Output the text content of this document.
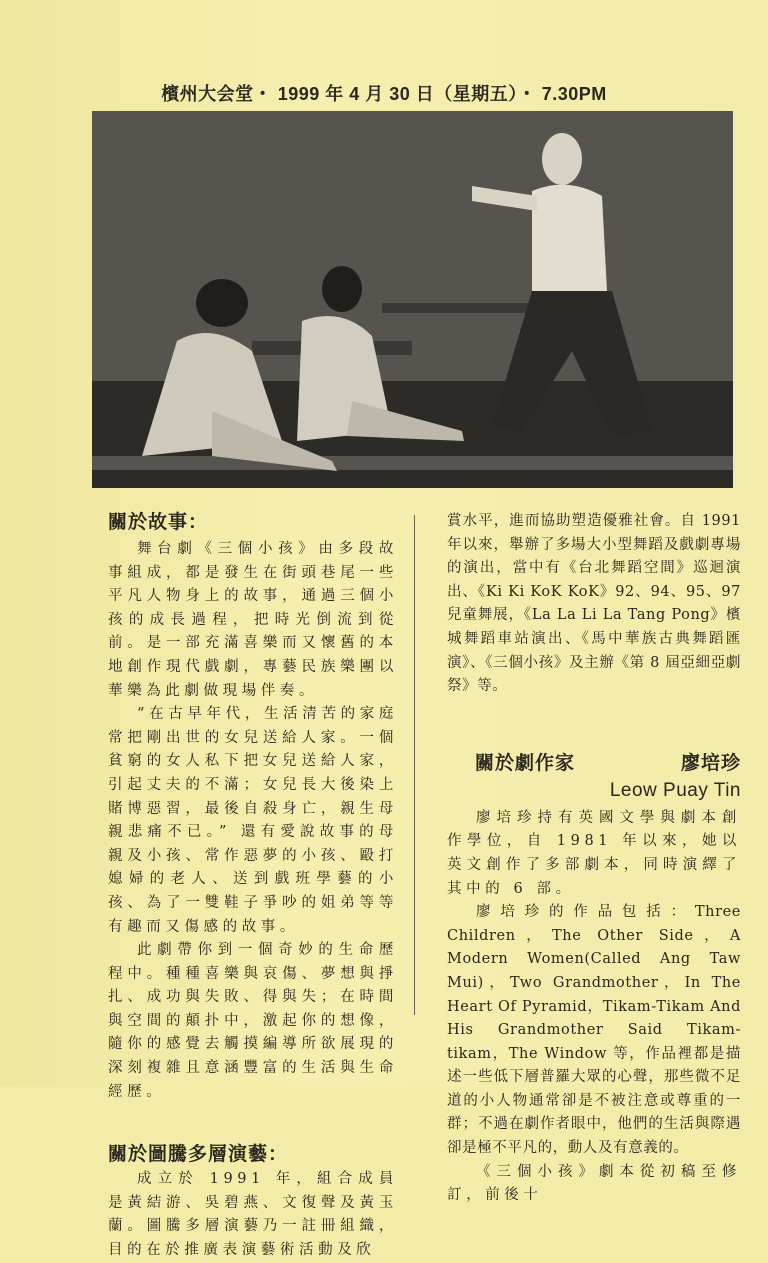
檳州大会堂・ 1999 年 4 月 30 日（星期五）・ 7.30PM
關於故事：

舞台劇《三個小孩》由多段故事組成，都是發生在街頭巷尾一些平凡人物身上的故事，通過三個小孩的成長過程，把時光倒流到從前。是一部充滿喜樂而又懷舊的本地創作現代戲劇，專藝民族樂團以華樂為此劇做現場伴奏。

“在古早年代，生活清苦的家庭常把剛出世的女兒送給人家。一個貧窮的女人私下把女兒送給人家，引起丈夫的不滿；女兒長大後染上賭博惡習，最後自殺身亡，親生母親悲痛不已。” 還有愛說故事的母親及小孩、常作惡夢的小孩、毆打媳婦的老人、送到戲班學藝的小孩、為了一雙鞋子爭吵的姐弟等等有趣而又傷感的故事。

此劇帶你到一個奇妙的生命歷程中。種種喜樂與哀傷、夢想與掙扎、成功與失敗、得與失；在時間與空間的顛扑中，激起你的想像，隨你的感覺去觸摸編導所欲展現的深刻複雜且意涵豐富的生活與生命經歷。

關於圖騰多層演藝：

成立於 1991 年，組合成員是黃結游、吳碧燕、文復聲及黃玉蘭。圖騰多層演藝乃一註冊組織，目的在於推廣表演藝術活動及欣

賞水平，進而協助塑造優雅社會。自 1991 年以來，舉辦了多場大小型舞蹈及戲劇專場的演出，當中有《台北舞蹈空間》巡迴演出、《Ki Ki KoK KoK》92、94、95、97 兒童舞展，《La La Li La Tang Pong》檳城舞蹈車站演出、《馬中華族古典舞蹈匯演》、《三個小孩》及主辦《第 8 屆亞細亞劇祭》等。

關於劇作家	廖培珍
Leow Puay Tin

廖培珍持有英國文學與劇本創作學位，自 1981 年以來，她以英文創作了多部劇本，同時演繹了其中的 6 部。

廖培珍的作品包括：Three Children，The Other Side，A Modern Women(Called Ang Taw Mui)，Two Grandmother，In The Heart Of Pyramid，Tikam-Tikam And His Grandmother Said Tikam-tikam，The Window 等，作品裡都是描述一些低下層普羅大眾的心聲，那些微不足道的小人物通常卻是不被注意或尊重的一群；不過在劇作者眼中，他們的生活與際遇卻是極不平凡的，動人及有意義的。

《三個小孩》劇本從初稿至修訂，前後十
